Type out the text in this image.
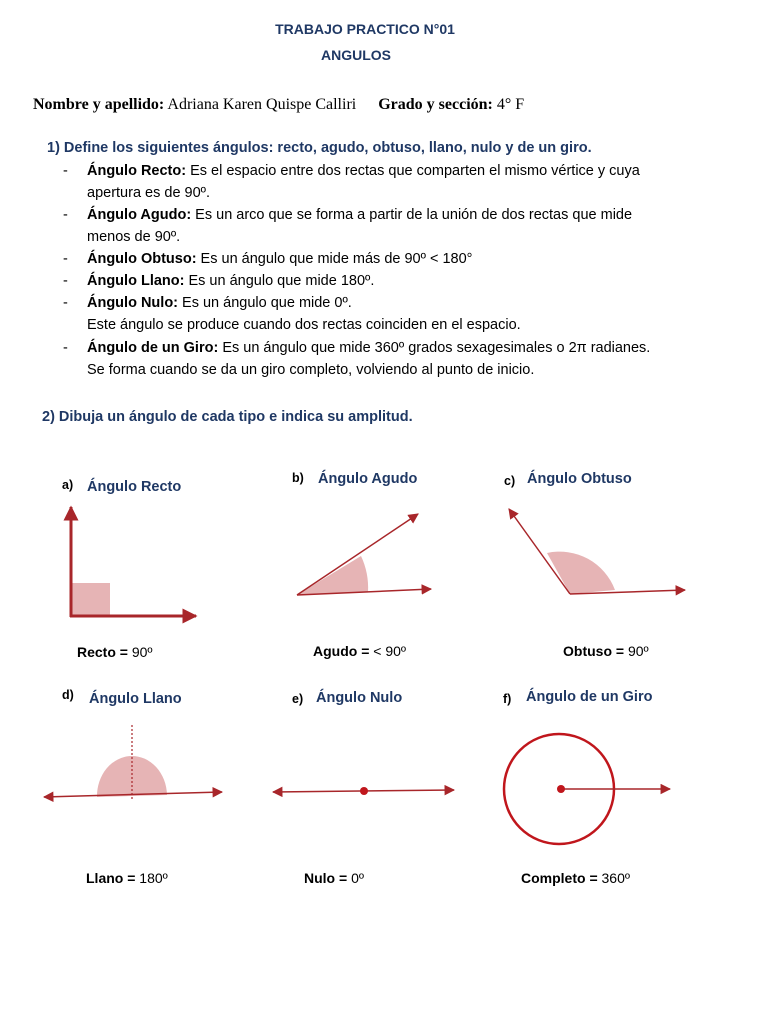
TRABAJO PRACTICO N°01
ANGULOS
Nombre y apellido: Adriana Karen Quispe Calliri Grado y sección: 4° F
1) Define los siguientes ángulos: recto, agudo, obtuso, llano, nulo y de un giro.
- Ángulo Recto: Es el espacio entre dos rectas que comparten el mismo vértice y cuya
apertura es de 90º.
- Ángulo Agudo: Es un arco que se forma a partir de la unión de dos rectas que mide
menos de 90º.
- Ángulo Obtuso: Es un ángulo que mide más de 90º < 180°
- Ángulo Llano: Es un ángulo que mide 180º.
- Ángulo Nulo: Es un ángulo que mide 0º.
Este ángulo se produce cuando dos rectas coinciden en el espacio.
- Ángulo de un Giro: Es un ángulo que mide 360º grados sexagesimales o 2π radianes.
Se forma cuando se da un giro completo, volviendo al punto de inicio.
2) Dibuja un ángulo de cada tipo e indica su amplitud.
a) Ángulo Recto
b) Ángulo Agudo	c) Ángulo Obtuso
d) Ángulo Llano	e) Ángulo Nulo	f) Ángulo de un Giro
Recto = 90º	Agudo = < 90º	Obtuso = 90º
Llano = 180º	Nulo = 0º	Completo = 360º
